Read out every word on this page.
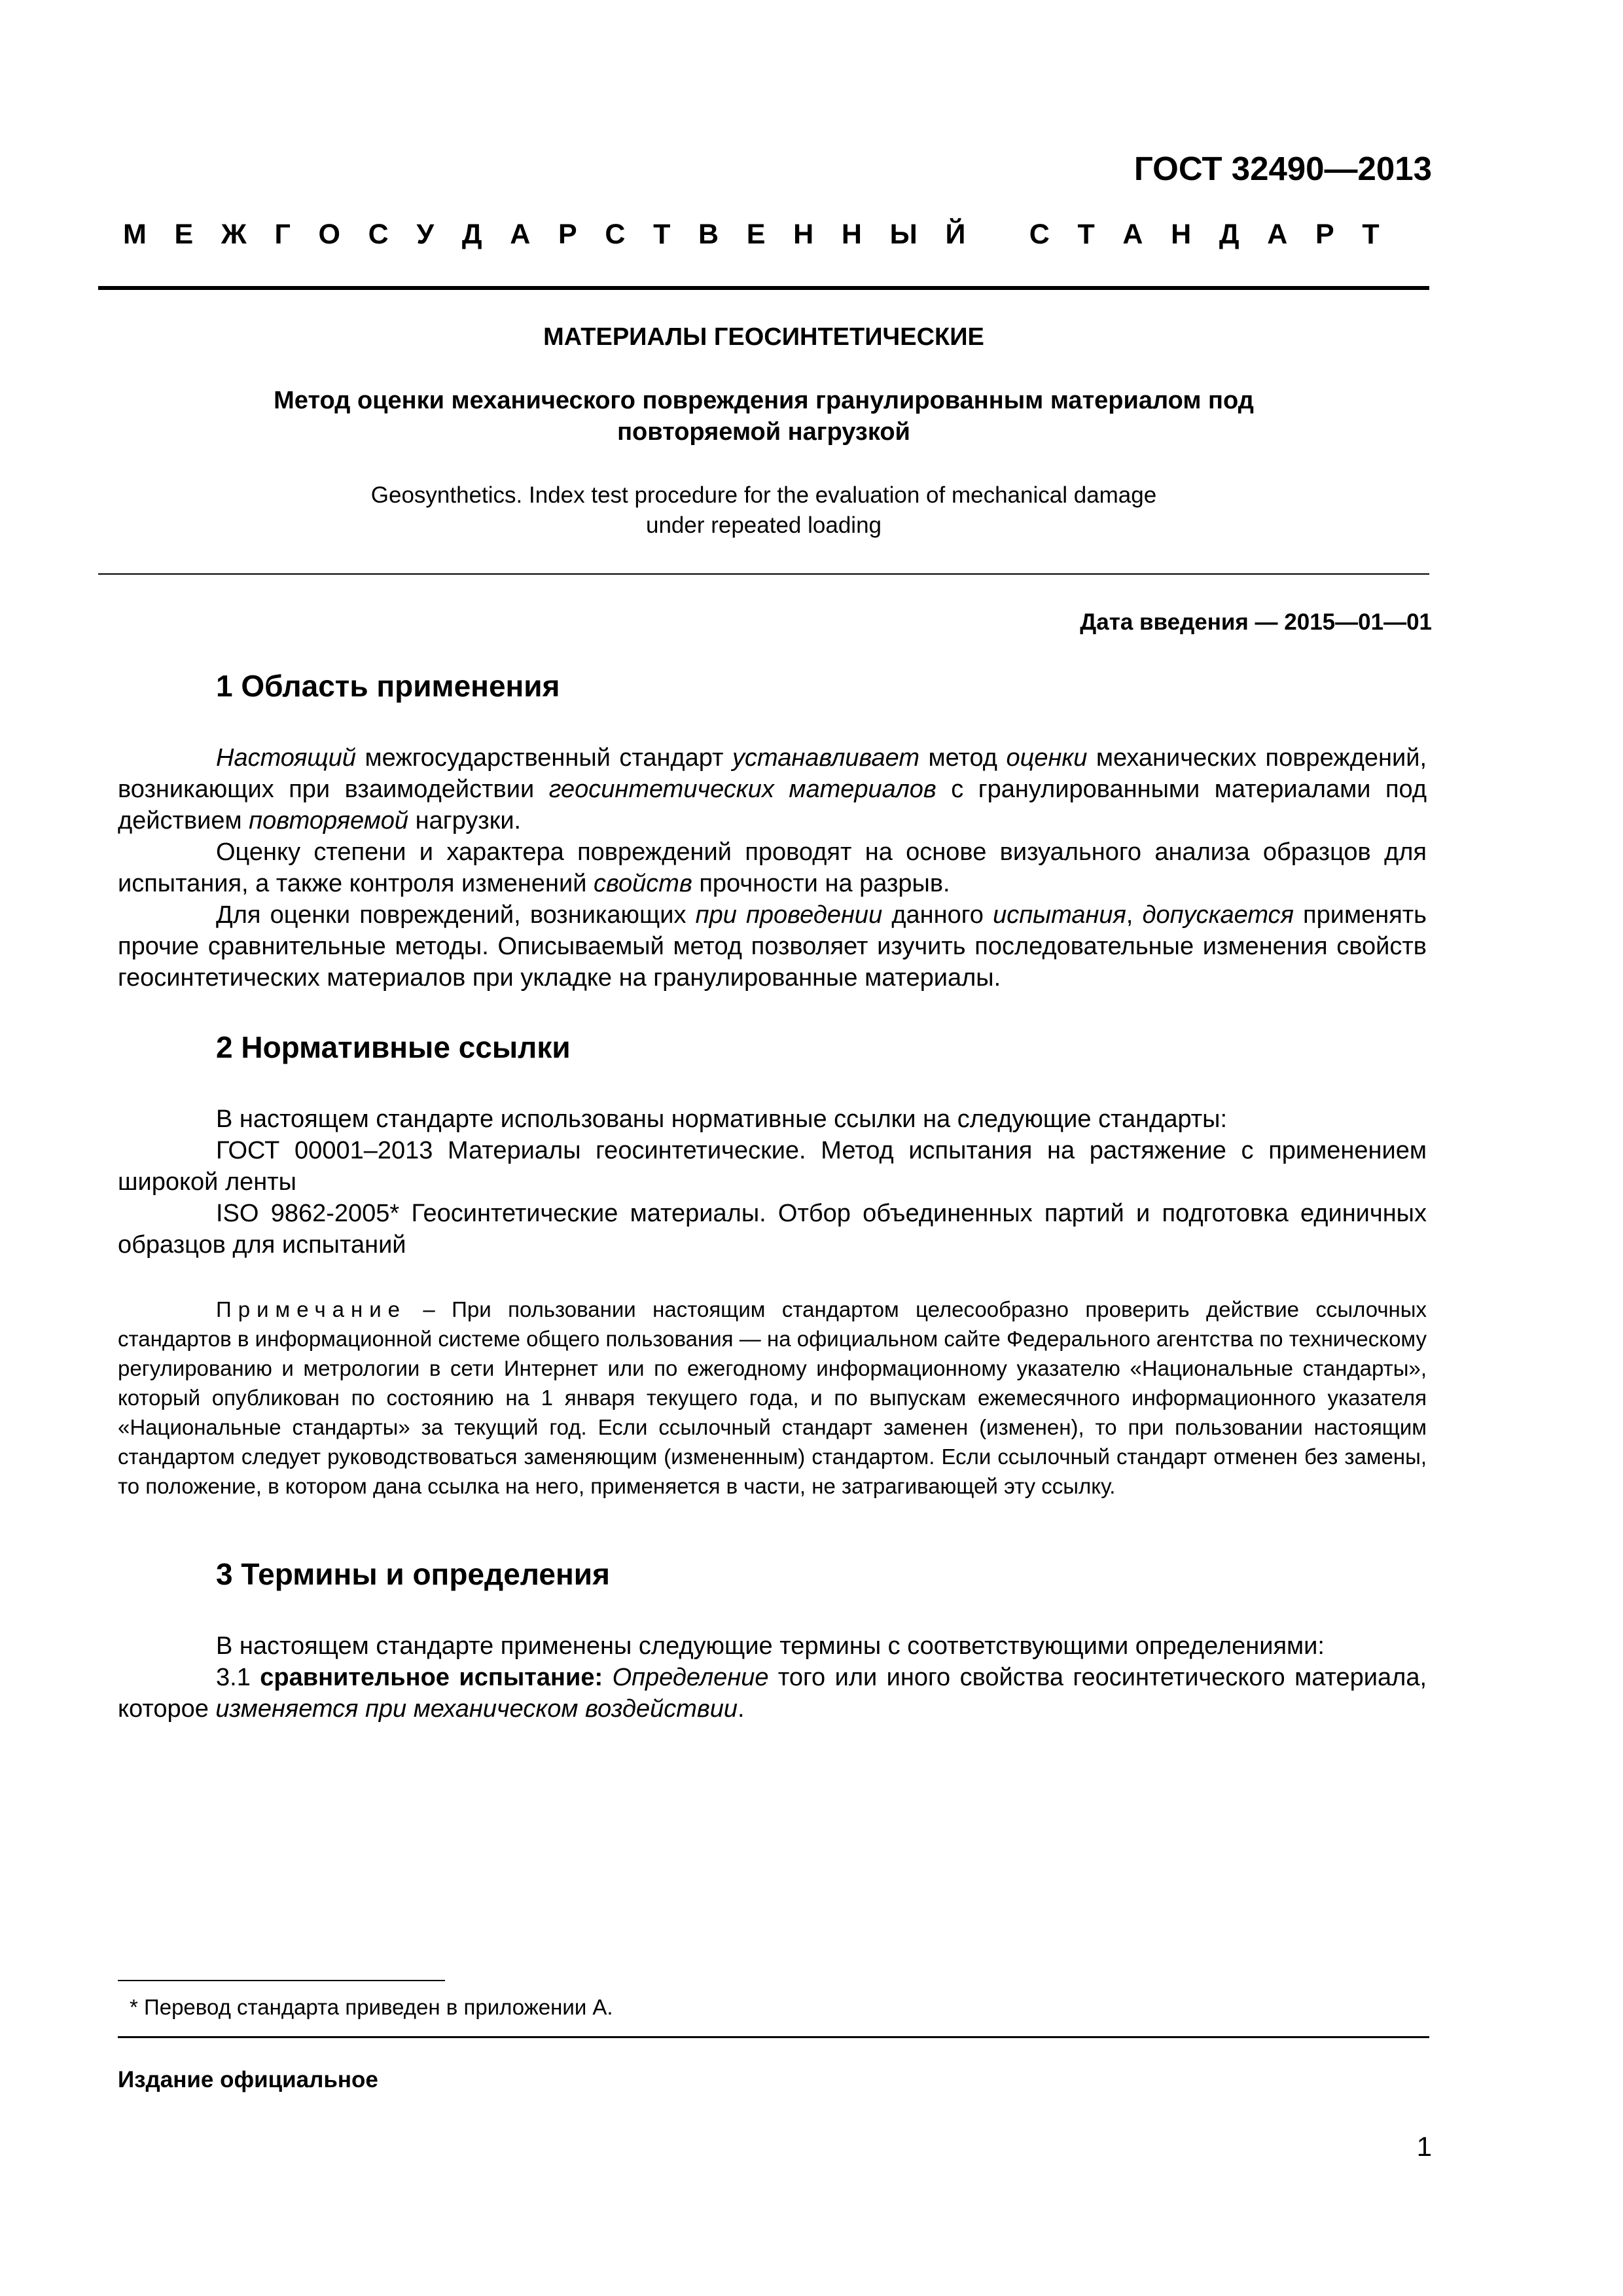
ГОСТ 32490—2013
М Е Ж Г О С У Д А Р С Т В Е Н Н Ы Й
С Т А Н Д А Р Т
МАТЕРИАЛЫ ГЕОСИНТЕТИЧЕСКИЕ
Метод оценки механического повреждения гранулированным материалом под
повторяемой нагрузкой
Geosynthetics. Index test procedure for the evaluation of mechanical damage
under repeated loading
Дата введения — 2015—01—01
1 Область применения

Настоящий межгосударственный стандарт устанавливает метод оценки механических повреждений, возникающих при взаимодействии геосинтетических материалов с гранулированными материалами под действием повторяемой нагрузки.

Оценку степени и характера повреждений проводят на основе визуального анализа образцов для испытания, а также контроля изменений свойств прочности на разрыв.

Для оценки повреждений, возникающих при проведении данного испытания, допускается применять прочие сравнительные методы. Описываемый метод позволяет изучить последовательные изменения свойств геосинтетических материалов при укладке на гранулированные материалы.

2 Нормативные ссылки

В настоящем стандарте использованы нормативные ссылки на следующие стандарты:

ГОСТ 00001–2013 Материалы геосинтетические. Метод испытания на растяжение с применением широкой ленты

ISO 9862-2005* Геосинтетические материалы. Отбор объединенных партий и подготовка единичных образцов для испытаний

Примечание – При пользовании настоящим стандартом целесообразно проверить действие ссылочных стандартов в информационной системе общего пользования — на официальном сайте Федерального агентства по техническому регулированию и метрологии в сети Интернет или по ежегодному информационному указателю «Национальные стандарты», который опубликован по состоянию на 1 января текущего года, и по выпускам ежемесячного информационного указателя «Национальные стандарты» за текущий год. Если ссылочный стандарт заменен (изменен), то при пользовании настоящим стандартом следует руководствоваться заменяющим (измененным) стандартом. Если ссылочный стандарт отменен без замены, то положение, в котором дана ссылка на него, применяется в части, не затрагивающей эту ссылку.

3 Термины и определения

В настоящем стандарте применены следующие термины с соответствующими определениями:

3.1 сравнительное испытание: Определение того или иного свойства геосинтетического материала, которое изменяется при механическом воздействии.

* Перевод стандарта приведен в приложении А.
Издание официальное
1
